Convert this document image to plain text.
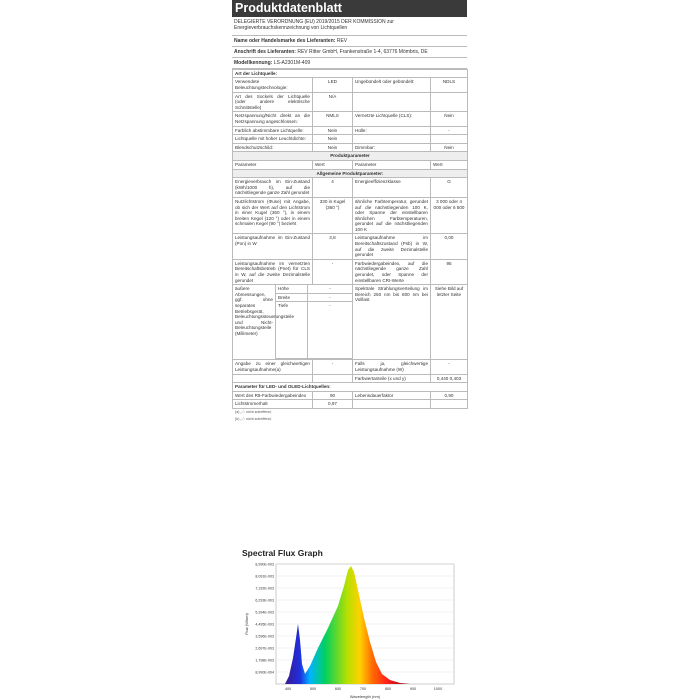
Produktdatenblatt
DELEGIERTE VERORDNUNG (EU) 2019/2015 DER KOMMISSION zur Energieverbrauchskennzeichnung von Lichtquellen
Name oder Handelsmarke des Lieferanten: REV
Anschrift des Lieferanten: REV Ritter GmbH, Frankenstraße 1-4, 63776 Mömbris, DE
Modellkennung: LS-A2301M-409
Art der Lichtquelle:
Verwendete Beleuchtungstechnologie:	LED	Ungebündelt oder gebündelt:	NDLS
Art des Sockels der Lichtquelle (oder andere elektrische Schnittstelle)	N/A		
Netzspannung/Nicht direkt an die Netzspannung angeschlossen:	NMLS	Vernetzte Lichtquelle (CLS):	Nein
Farblich abstimmbare Lichtquelle:	Nein	Hülle:	-
Lichtquelle mit hoher Leuchtdichte:	Nein		
Blendschutzschild:	Nein	Dimmbar:	Nein
Produktparameter
Parameter	Wert	Parameter	Wert
Allgemeine Produktparameter:
Energieverbrauch im Ein-Zustand (kWh/1000 h), auf die nächstliegende ganze Zahl gerundet	4	Energieeffizienzklasse	G
Nutzlichtstrom (Φuse) mit Angabe, ob sich der Wert auf den Lichtstrom in einer Kugel (360 °), in einem breiten Kegel (120 °) oder in einem schmalen Kegel (90 °) bezieht	330 in Kugel (360 °)	ähnliche Farbtemperatur, gerundet auf die nächstliegenden 100 K, oder Spanne der einstellbaren ähnlichen Farbtemperaturen, gerundet auf die nächstliegenden 100 K	3 000 oder 4 000 oder 6 500
Leistungsaufnahme im Ein-Zustand (Pon) in W	3,8	Leistungsaufnahme im Bereitschaftszustand (Psb) in W, auf die zweite Dezimalstelle gerundet	0,00
Leistungsaufnahme im vernetzten Bereitschaftsbetrieb (Pnet) für CLS in W, auf die zweite Dezimalstelle gerundet	-	Farbwiedergabeindex, auf die nächstliegende ganze Zahl gerundet, oder Spanne der einstellbaren CRI-Werte	95

äußere Abmessungen, ggf. ohne separates Betriebsgerät, Beleuchtungssteuerungsteile und Nicht-Beleuchtungsteile (Millimeter)	Höhe	-
Breite	-
Tiefe	-
	Spektrale Strahlungsverteilung im Bereich 250 nm bis 800 nm bei Volllast	Siehe Bild auf letzter Seite
Angabe zu einer gleichwertigen Leistungsaufnahme(a)	-	Falls ja, gleichwertige Leistungsaufnahme (W)	-
		Farbwertanteile (x und y)	0,440 0,403
Parameter für LED- und OLED-Lichtquellen:
Wert des R9-Farbwiedergabeindex	90	Lebensdauerfaktor	0,90
Lichtstromerhalt	0,97		
(a) „-“: nicht zutreffend;
(b) „-“: nicht zutreffend;
Spectral Flux Graph
8,990E-003
8,091E-003
7,192E-003
6,293E-003
5,394E-003
4,495E-003
3,596E-003
2,697E-003
1,798E-003
8,990E-004
400	500	600	700	800	900	1000
Flux (W/nm)
Wavelength (nm)
